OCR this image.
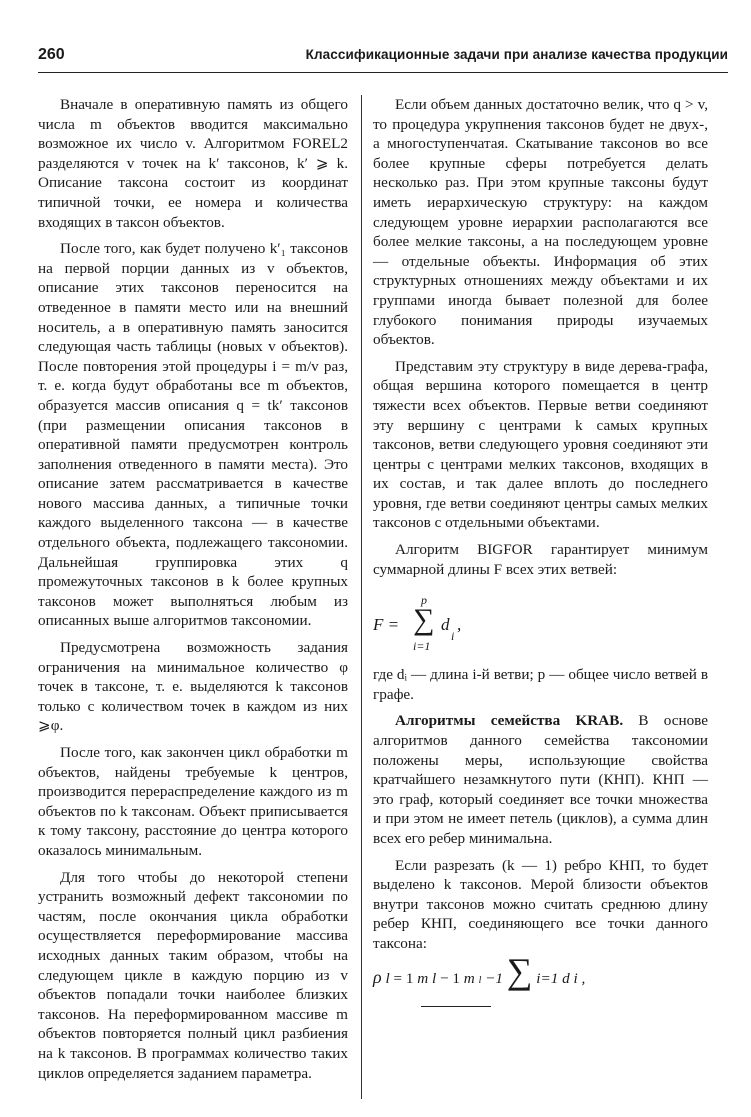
260	Классификационные задачи при анализе качества продукции

Вначале в оперативную память из общего числа m объектов вводится максимально возможное их число v. Алгоритмом FOREL2 разделяются v точек на k′ таксонов, k′ ⩾ k. Описание таксона состоит из координат типичной точки, ее номера и количества входящих в таксон объектов.

После того, как будет получено k′₁ таксонов на первой порции данных из v объектов, описание этих таксонов переносится на отведенное в памяти место или на внешний носитель, а в оперативную память заносится следующая часть таблицы (новых v объектов). После повторения этой процедуры i = m/v раз, т. е. когда будут обработаны все m объектов, образуется массив описания q = tk′ таксонов (при размещении описания таксонов в оперативной памяти предусмотрен контроль заполнения отведенного в памяти места). Это описание затем рассматривается в качестве нового массива данных, а типичные точки каждого выделенного таксона — в качестве отдельного объекта, подлежащего таксономии. Дальнейшая группировка этих q промежуточных таксонов в k более крупных таксонов может выполняться любым из описанных выше алгоритмов таксономии.

Предусмотрена возможность задания ограничения на минимальное количество φ точек в таксоне, т. е. выделяются k таксонов только с количеством точек в каждом из них ⩾φ.

После того, как закончен цикл обработки m объектов, найдены требуемые k центров, производится перераспределение каждого из m объектов по k таксонам. Объект приписывается к тому таксону, расстояние до центра которого оказалось минимальным.

Для того чтобы до некоторой степени устранить возможный дефект таксономии по частям, после окончания цикла обработки осуществляется переформирование массива исходных данных таким образом, чтобы на следующем цикле в каждую порцию из v объектов попадали точки наиболее близких таксонов. На переформированном массиве m объектов повторяется полный цикл разбиения на k таксонов. В программах количество таких циклов определяется заданием параметра.

Если объем данных достаточно велик, что q > v, то процедура укрупнения таксонов будет не двух-, а многоступенчатая. Скатывание таксонов во все более крупные сферы потребуется делать несколько раз. При этом крупные таксоны будут иметь иерархическую структуру: на каждом следующем уровне иерархии располагаются все более мелкие таксоны, а на последующем уровне — отдельные объекты. Информация об этих структурных отношениях между объектами и их группами иногда бывает полезной для более глубокого понимания природы изучаемых объектов.

Представим эту структуру в виде дерева-графа, общая вершина которого помещается в центр тяжести всех объектов. Первые ветви соединяют эту вершину с центрами k самых крупных таксонов, ветви следующего уровня соединяют эти центры с центрами мелких таксонов, входящих в их состав, и так далее вплоть до последнего уровня, где ветви соединяют центры самых мелких таксонов с отдельными объектами.

Алгоритм BIGFOR гарантирует минимум суммарной длины F всех этих ветвей:

F =
p
∑
i=1
d
i
,

где dᵢ — длина i-й ветви; p — общее число ветвей в графе.

Алгоритмы семейства KRAB. В основе алгоритмов данного семейства таксономии положены меры, использующие свойства кратчайшего незамкнутого пути (КНП). КНП — это граф, который соединяет все точки множества и при этом не имеет петель (циклов), а сумма длин всех его ребер минимальна.

Если разрезать (k — 1) ребро КНП, то будет выделено k таксонов. Мерой близости объектов внутри таксонов можно считать среднюю длину ребер КНП, соединяющего все точки данного таксона:

ρ l = 1 m l − 1 m l −1 ∑ i=1 d i ,
